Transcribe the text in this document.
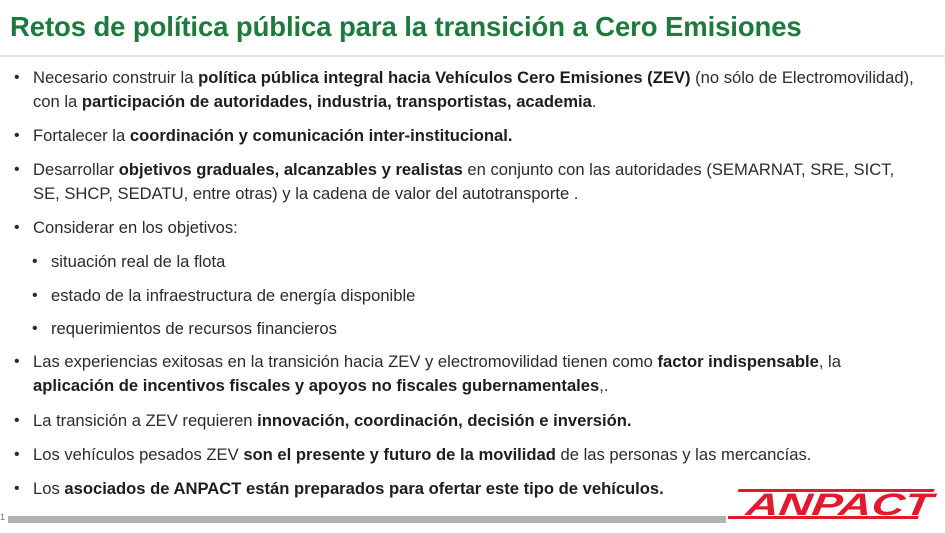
Retos de política pública para la transición a Cero Emisiones
• Necesario construir la política pública integral hacia Vehículos Cero Emisiones (ZEV) (no sólo de Electromovilidad), con la participación de autoridades, industria, transportistas, academia.
• Fortalecer la coordinación y comunicación inter-institucional.
• Desarrollar objetivos graduales, alcanzables y realistas en conjunto con las autoridades (SEMARNAT, SRE, SICT, SE, SHCP, SEDATU, entre otras) y la cadena de valor del autotransporte .
• Considerar en los objetivos:
• situación real de la flota
• estado de la infraestructura de energía disponible
• requerimientos de recursos financieros
• Las experiencias exitosas en la transición hacia ZEV y electromovilidad tienen como factor indispensable, la aplicación de incentivos fiscales y apoyos no fiscales gubernamentales,.
• La transición a ZEV requieren innovación, coordinación, decisión e inversión.
• Los vehículos pesados ZEV son el presente y futuro de la movilidad de las personas y las mercancías.
• Los asociados de ANPACT están preparados para ofertar este tipo de vehículos.
1	ANPACT
